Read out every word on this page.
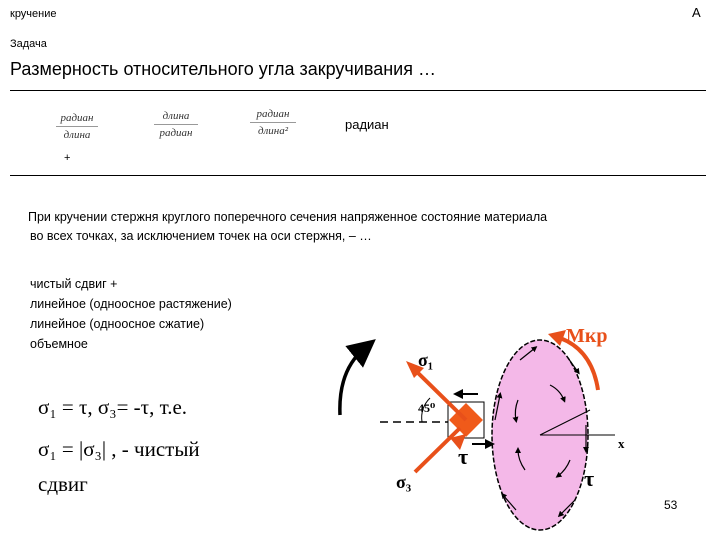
кручение	А
Задача
Размерность относительного угла закручивания …
радиан
длина
+
длина
радиан
радиан
длина²	радиан
При кручении стержня круглого поперечного сечения напряженное состояние материала
во всех точках, за исключением точек на оси стержня, – …
чистый сдвиг +
линейное (одноосное растяжение)
линейное (одноосное сжатие)
объемное
σ₁ = τ, σ₃= -τ, т.е.
σ₁ = |σ₃| , - чистый
сдвиг
Мкр
x
σ₁
σ₃
45⁰
τ
τ
53
